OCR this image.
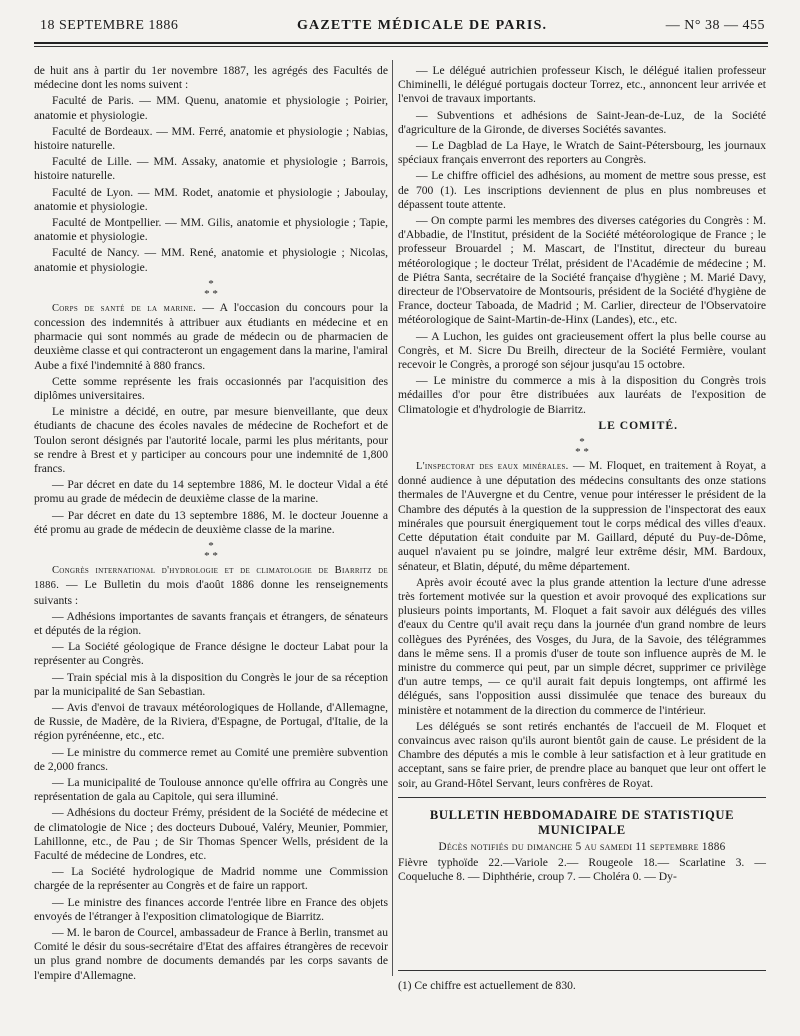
18 SEPTEMBRE 1886	GAZETTE MÉDICALE DE PARIS.	— N° 38 — 455

de huit ans à partir du 1er novembre 1887, les agrégés des Facultés de médecine dont les noms suivent :

Faculté de Paris. — MM. Quenu, anatomie et physiologie ; Poirier, anatomie et physiologie.

Faculté de Bordeaux. — MM. Ferré, anatomie et physiologie ; Nabias, histoire naturelle.

Faculté de Lille. — MM. Assaky, anatomie et physiologie ; Barrois, histoire naturelle.

Faculté de Lyon. — MM. Rodet, anatomie et physiologie ; Jaboulay, anatomie et physiologie.

Faculté de Montpellier. — MM. Gilis, anatomie et physiologie ; Tapie, anatomie et physiologie.

Faculté de Nancy. — MM. René, anatomie et physiologie ; Nicolas, anatomie et physiologie.

*
* *

Corps de santé de la marine. — A l'occasion du concours pour la concession des indemnités à attribuer aux étudiants en médecine et en pharmacie qui sont nommés au grade de médecin ou de pharmacien de deuxième classe et qui contracteront un engagement dans la marine, l'amiral Aube a fixé l'indemnité à 880 francs.

Cette somme représente les frais occasionnés par l'acquisition des diplômes universitaires.

Le ministre a décidé, en outre, par mesure bienveillante, que deux étudiants de chacune des écoles navales de médecine de Rochefort et de Toulon seront désignés par l'autorité locale, parmi les plus méritants, pour se rendre à Brest et y participer au concours pour une indemnité de 1,800 francs.

— Par décret en date du 14 septembre 1886, M. le docteur Vidal a été promu au grade de médecin de deuxième classe de la marine.

— Par décret en date du 13 septembre 1886, M. le docteur Jouenne a été promu au grade de médecin de deuxième classe de la marine.

*
* *

Congrès international d'hydrologie et de climatologie de Biarritz de 1886. — Le Bulletin du mois d'août 1886 donne les renseignements suivants :

— Adhésions importantes de savants français et étrangers, de sénateurs et députés de la région.

— La Société géologique de France désigne le docteur Labat pour la représenter au Congrès.

— Train spécial mis à la disposition du Congrès le jour de sa réception par la municipalité de San Sebastian.

— Avis d'envoi de travaux météorologiques de Hollande, d'Allemagne, de Russie, de Madère, de la Riviera, d'Espagne, de Portugal, d'Italie, de la région pyrénéenne, etc., etc.

— Le ministre du commerce remet au Comité une première subvention de 2,000 francs.

— La municipalité de Toulouse annonce qu'elle offrira au Congrès une représentation de gala au Capitole, qui sera illuminé.

— Adhésions du docteur Frémy, président de la Société de médecine et de climatologie de Nice ; des docteurs Duboué, Valéry, Meunier, Pommier, Lahillonne, etc., de Pau ; de Sir Thomas Spencer Wells, président de la Faculté de médecine de Londres, etc.

— La Société hydrologique de Madrid nomme une Commission chargée de la représenter au Congrès et de faire un rapport.

— Le ministre des finances accorde l'entrée libre en France des objets envoyés de l'étranger à l'exposition climatologique de Biarritz.

— M. le baron de Courcel, ambassadeur de France à Berlin, transmet au Comité le désir du sous-secrétaire d'Etat des affaires étrangères de recevoir un plus grand nombre de documents demandés par les corps savants de l'empire d'Allemagne.

— Le délégué autrichien professeur Kisch, le délégué italien professeur Chiminelli, le délégué portugais docteur Torrez, etc., annoncent leur arrivée et l'envoi de travaux importants.

— Subventions et adhésions de Saint-Jean-de-Luz, de la Société d'agriculture de la Gironde, de diverses Sociétés savantes.

— Le Dagblad de La Haye, le Wratch de Saint-Pétersbourg, les journaux spéciaux français enverront des reporters au Congrès.

— Le chiffre officiel des adhésions, au moment de mettre sous presse, est de 700 (1). Les inscriptions deviennent de plus en plus nombreuses et dépassent toute attente.

— On compte parmi les membres des diverses catégories du Congrès : M. d'Abbadie, de l'Institut, président de la Société météorologique de France ; le professeur Brouardel ; M. Mascart, de l'Institut, directeur du bureau météorologique ; le docteur Trélat, président de l'Académie de médecine ; M. de Piétra Santa, secrétaire de la Société française d'hygiène ; M. Marié Davy, directeur de l'Observatoire de Montsouris, président de la Société d'hygiène de France, docteur Taboada, de Madrid ; M. Carlier, directeur de l'Observatoire météorologique de Saint-Martin-de-Hinx (Landes), etc., etc.

— A Luchon, les guides ont gracieusement offert la plus belle course au Congrès, et M. Sicre Du Breilh, directeur de la Société Fermière, voulant recevoir le Congrès, a prorogé son séjour jusqu'au 15 octobre.

— Le ministre du commerce a mis à la disposition du Congrès trois médailles d'or pour être distribuées aux lauréats de l'exposition de Climatologie et d'hydrologie de Biarritz.

LE COMITÉ.

*
* *

L'inspectorat des eaux minérales. — M. Floquet, en traitement à Royat, a donné audience à une députation des médecins consultants des onze stations thermales de l'Auvergne et du Centre, venue pour intéresser le président de la Chambre des députés à la question de la suppression de l'inspectorat des eaux minérales que poursuit énergiquement tout le corps médical des villes d'eaux. Cette députation était conduite par M. Gaillard, député du Puy-de-Dôme, auquel n'avaient pu se joindre, malgré leur extrême désir, MM. Bardoux, sénateur, et Blatin, député, du même département.

Après avoir écouté avec la plus grande attention la lecture d'une adresse très fortement motivée sur la question et avoir provoqué des explications sur plusieurs points importants, M. Floquet a fait savoir aux délégués des villes d'eaux du Centre qu'il avait reçu dans la journée d'un grand nombre de leurs collègues des Pyrénées, des Vosges, du Jura, de la Savoie, des télégrammes dans le même sens. Il a promis d'user de toute son influence auprès de M. le ministre du commerce qui peut, par un simple décret, supprimer ce privilège d'un autre temps, — ce qu'il aurait fait depuis longtemps, ont affirmé les délégués, sans l'opposition aussi dissimulée que tenace des bureaux du ministère et notamment de la direction du commerce de l'intérieur.

Les délégués se sont retirés enchantés de l'accueil de M. Floquet et convaincus avec raison qu'ils auront bientôt gain de cause. Le président de la Chambre des députés a mis le comble à leur satisfaction et à leur gratitude en acceptant, sans se faire prier, de prendre place au banquet que leur ont offert le soir, au Grand-Hôtel Servant, leurs confrères de Royat.

BULLETIN HEBDOMADAIRE DE STATISTIQUE MUNICIPALE
Décès notifiés du dimanche 5 au samedi 11 septembre 1886

Fièvre typhoïde 22.—Variole 2.— Rougeole 18.— Scarlatine 3. — Coqueluche 8. — Diphthérie, croup 7. — Choléra 0. — Dy-

(1) Ce chiffre est actuellement de 830.
